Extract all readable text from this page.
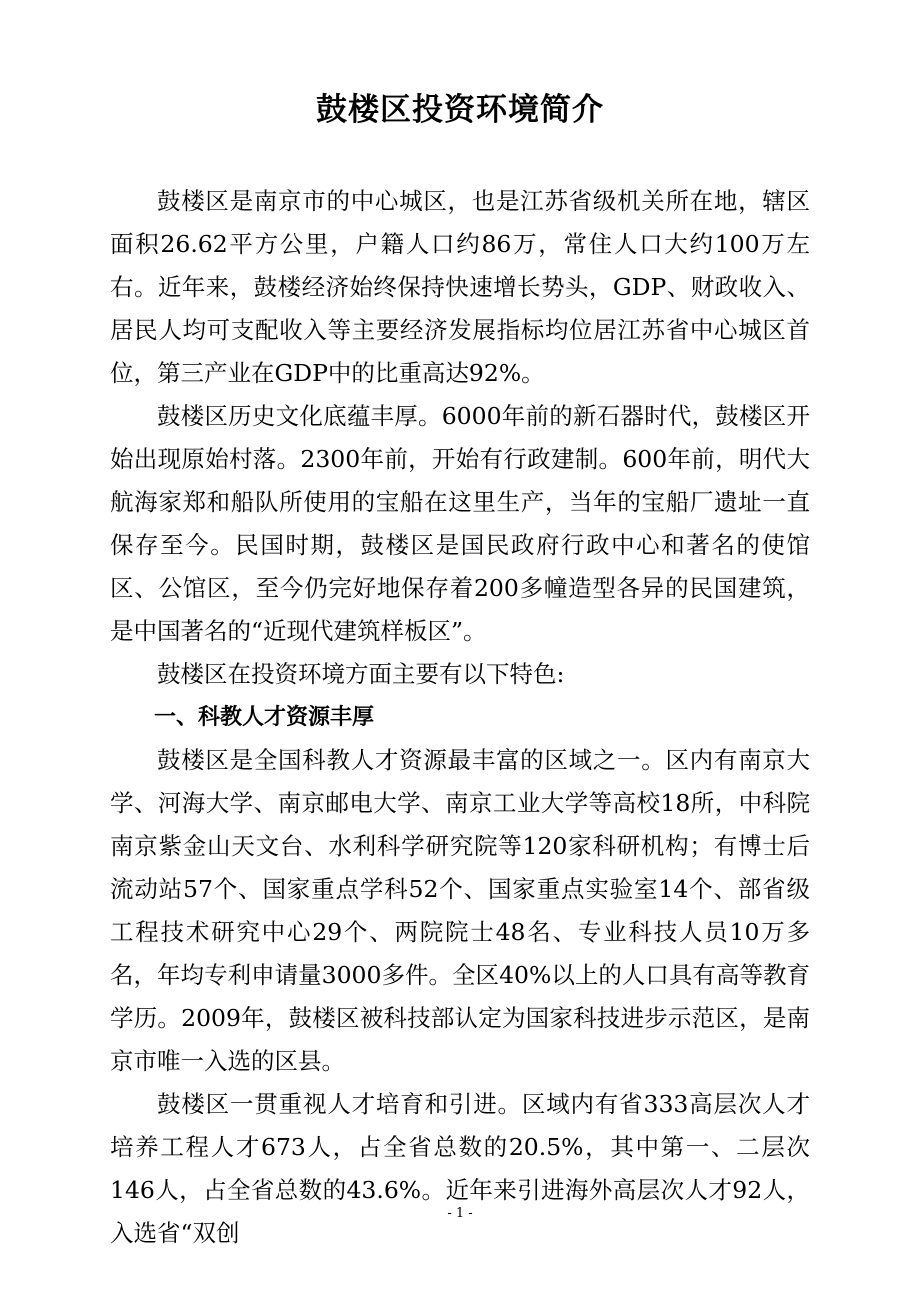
鼓楼区投资环境简介

鼓楼区是南京市的中心城区，也是江苏省级机关所在地，辖区面积26.62平方公里，户籍人口约86万，常住人口大约100万左右。近年来，鼓楼经济始终保持快速增长势头，GDP、财政收入、居民人均可支配收入等主要经济发展指标均位居江苏省中心城区首位，第三产业在GDP中的比重高达92%。

鼓楼区历史文化底蕴丰厚。6000年前的新石器时代，鼓楼区开始出现原始村落。2300年前，开始有行政建制。600年前，明代大航海家郑和船队所使用的宝船在这里生产，当年的宝船厂遗址一直保存至今。民国时期，鼓楼区是国民政府行政中心和著名的使馆区、公馆区，至今仍完好地保存着200多幢造型各异的民国建筑，是中国著名的“近现代建筑样板区”。

鼓楼区在投资环境方面主要有以下特色:

一、科教人才资源丰厚

鼓楼区是全国科教人才资源最丰富的区域之一。区内有南京大学、河海大学、南京邮电大学、南京工业大学等高校18所，中科院南京紫金山天文台、水利科学研究院等120家科研机构；有博士后流动站57个、国家重点学科52个、国家重点实验室14个、部省级工程技术研究中心29个、两院院士48名、专业科技人员10万多名，年均专利申请量3000多件。全区40%以上的人口具有高等教育学历。2009年，鼓楼区被科技部认定为国家科技进步示范区，是南京市唯一入选的区县。

鼓楼区一贯重视人才培育和引进。区域内有省333高层次人才培养工程人才673人，占全省总数的20.5%，其中第一、二层次146人，占全省总数的43.6%。近年来引进海外高层次人才92人，入选省“双创

- 1 -
